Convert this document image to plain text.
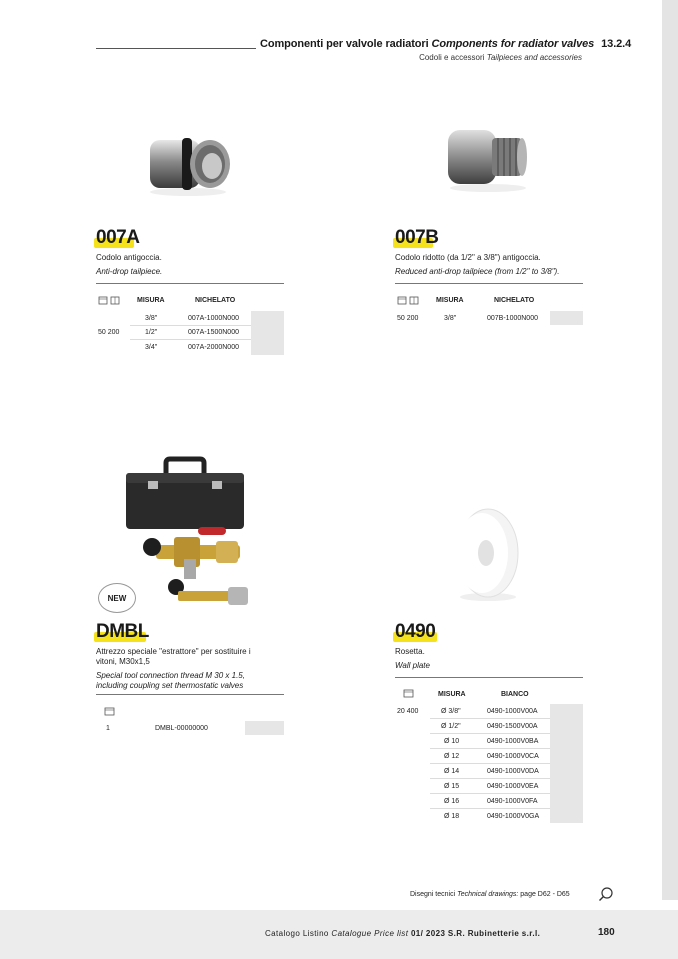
Componenti per valvole radiatori Components for radiator valves 13.2.4
Codoli e accessori Tailpieces and accessories
007A
Codolo antigoccia.
Anti-drop tailpiece.
MISURA	NICHELATO
50 200
3/8"	007A-1000N000
1/2"	007A-1500N000
3/4"	007A-2000N000
007B
Codolo ridotto (da 1/2" a 3/8") antigoccia.
Reduced anti-drop tailpiece (from 1/2" to 3/8").
MISURA	NICHELATO
50 200	3/8"	007B-1000N000
NEW
DMBL
Attrezzo speciale "estrattore" per sostituire i
vitoni, M30x1,5
Special tool connection thread M 30 x 1.5,
including coupling set thermostatic valves
1	DMBL-00000000
0490
Rosetta.
Wall plate
MISURA	BIANCO
20 400	Ø 3/8"	0490-1000V00A
Ø 1/2"	0490-1500V00A
Ø 10	0490-1000V0BA
Ø 12	0490-1000V0CA
Ø 14	0490-1000V0DA
Ø 15	0490-1000V0EA
Ø 16	0490-1000V0FA
Ø 18	0490-1000V0GA
Disegni tecnici Technical drawings: page D62 - D65
Catalogo Listino Catalogue Price list 01/ 2023 S.R. Rubinetterie s.r.l.	180
